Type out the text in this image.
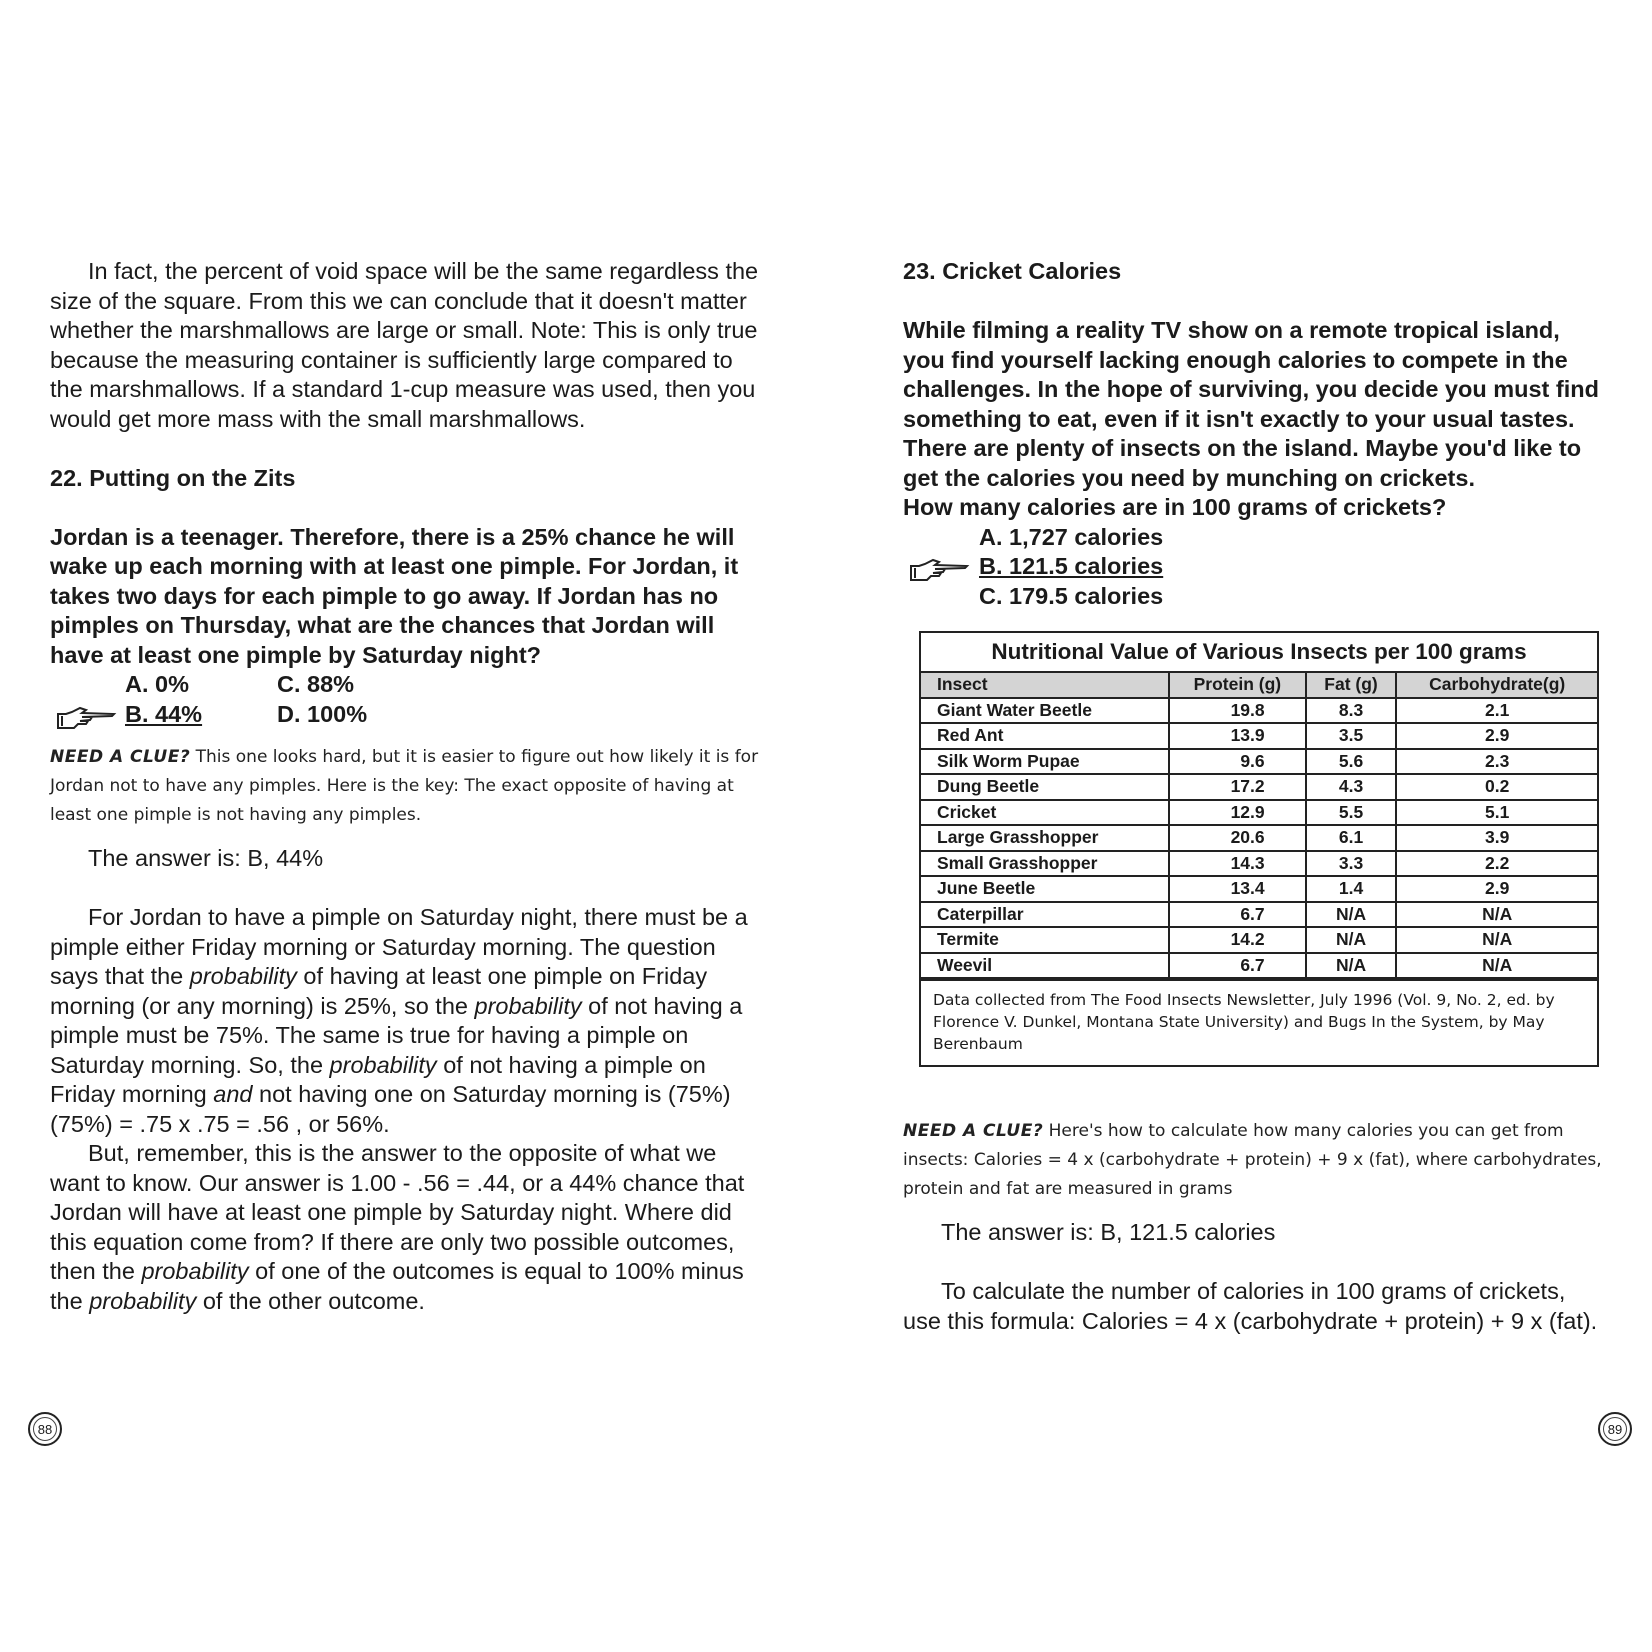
In fact, the percent of void space will be the same regardless the size of the square. From this we can conclude that it doesn't matter whether the marshmallows are large or small. Note: This is only true because the measuring container is sufficiently large compared to the marshmallows. If a standard 1-cup measure was used, then you would get more mass with the small marshmallows.

22. Putting on the Zits

Jordan is a teenager. Therefore, there is a 25% chance he will wake up each morning with at least one pimple. For Jordan, it takes two days for each pimple to go away. If Jordan has no pimples on Thursday, what are the chances that Jordan will have at least one pimple by Saturday night?

A. 0%	C. 88%
B. 44%	D. 100%

NEED A CLUE? This one looks hard, but it is easier to figure out how likely it is for Jordan not to have any pimples. Here is the key: The exact opposite of having at least one pimple is not having any pimples.

The answer is: B, 44%

For Jordan to have a pimple on Saturday night, there must be a pimple either Friday morning or Saturday morning. The question says that the probability of having at least one pimple on Friday morning (or any morning) is 25%, so the probability of not having a pimple must be 75%. The same is true for having a pimple on Saturday morning. So, the probability of not having a pimple on Friday morning and not having one on Saturday morning is (75%)(75%) = .75 x .75 = .56 , or 56%.

But, remember, this is the answer to the opposite of what we want to know. Our answer is 1.00 - .56 = .44, or a 44% chance that Jordan will have at least one pimple by Saturday night. Where did this equation come from? If there are only two possible outcomes, then the probability of one of the outcomes is equal to 100% minus the probability of the other outcome.

88

23. Cricket Calories

While filming a reality TV show on a remote tropical island, you find yourself lacking enough calories to compete in the challenges. In the hope of surviving, you decide you must find something to eat, even if it isn't exactly to your usual tastes. There are plenty of insects on the island. Maybe you'd like to get the calories you need by munching on crickets.

How many calories are in 100 grams of crickets?

A. 1,727 calories
B. 121.5 calories
C. 179.5 calories
Nutritional Value of Various Insects per 100 grams
Insect	Protein (g)	Fat (g)	Carbohydrate(g)
Giant Water Beetle	19.8	8.3	2.1
Red Ant	13.9	3.5	2.9
Silk Worm Pupae	9.6	5.6	2.3
Dung Beetle	17.2	4.3	0.2
Cricket	12.9	5.5	5.1
Large Grasshopper	20.6	6.1	3.9
Small Grasshopper	14.3	3.3	2.2
June Beetle	13.4	1.4	2.9
Caterpillar	6.7	N/A	N/A
Termite	14.2	N/A	N/A
Weevil	6.7	N/A	N/A
Data collected from The Food Insects Newsletter, July 1996 (Vol. 9, No. 2, ed. by Florence V. Dunkel, Montana State University) and Bugs In the System, by May Berenbaum

NEED A CLUE? Here's how to calculate how many calories you can get from insects: Calories = 4 x (carbohydrate + protein) + 9 x (fat), where carbohydrates, protein and fat are measured in grams

The answer is: B, 121.5 calories

To calculate the number of calories in 100 grams of crickets, use this formula: Calories = 4 x (carbohydrate + protein) + 9 x (fat).

89
